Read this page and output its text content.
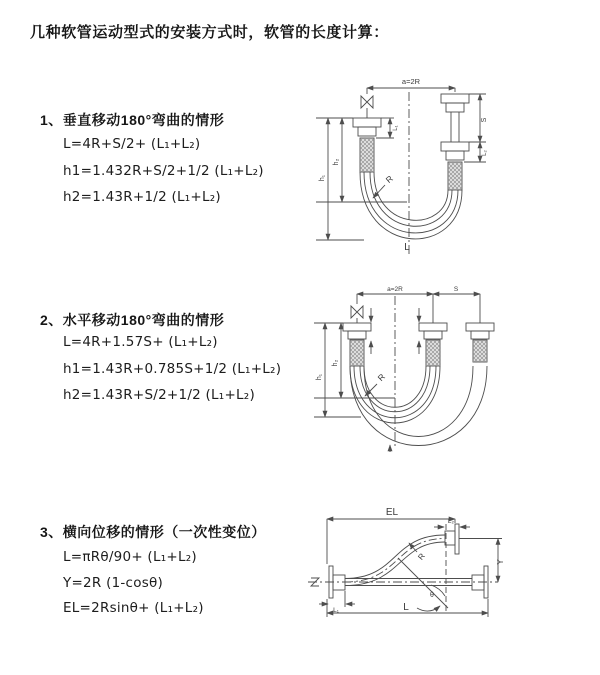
几种软管运动型式的安装方式时，软管的长度计算：
1、垂直移动180°弯曲的情形
L=4R+S/2+ (L₁+L₂)
h1=1.432R+S/2+1/2 (L₁+L₂)
h2=1.43R+1/2 (L₁+L₂)
2、水平移动180°弯曲的情形
L=4R+1.57S+ (L₁+L₂)
h1=1.43R+0.785S+1/2 (L₁+L₂)
h2=1.43R+S/2+1/2 (L₁+L₂)
3、横向位移的情形（一次性变位）
L=πRθ/90+ (L₁+L₂)
Y=2R (1-cosθ)
EL=2Rsinθ+ (L₁+L₂)
a=2R
h₁
h₂
L₁
S
L₂
R
L
a=2R	S
h₁
h₂
R
EL
L₂
Y
R
θ
L
L₁
